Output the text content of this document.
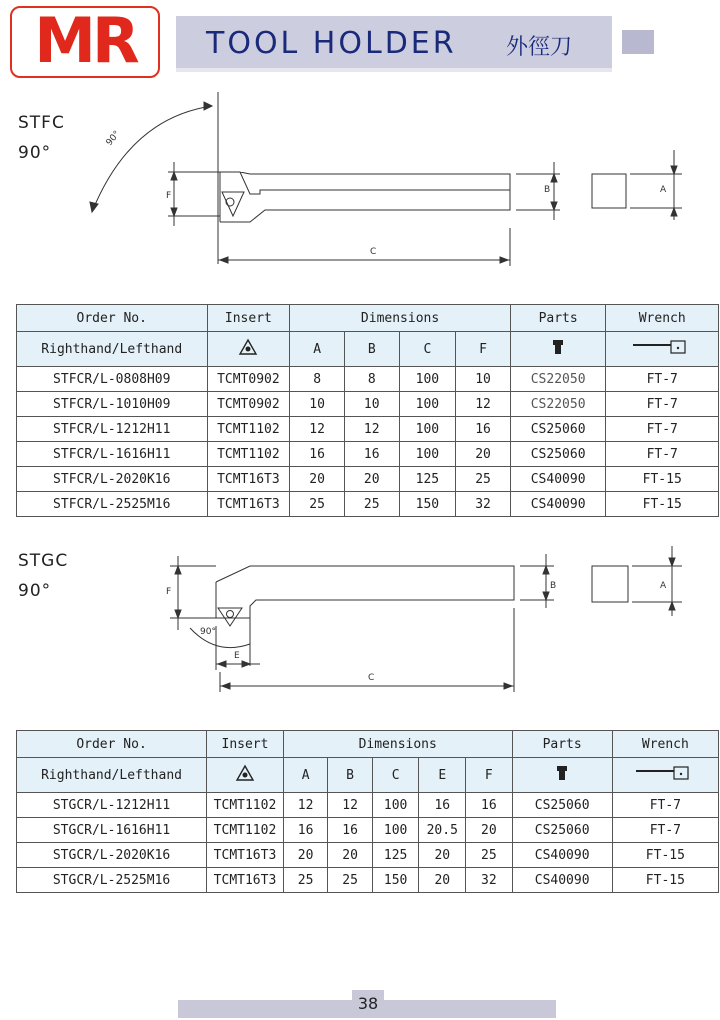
MR	TOOL HOLDER 外徑刀
STFC
90°
90°
F
B	A
C
Order No.	Insert	Dimensions				Parts	Wrench
Righthand/Lefthand		A	B	C	F		
STFCR/L-0808H09	TCMT0902	8	8	100	10	CS22050	FT-7
STFCR/L-1010H09	TCMT0902	10	10	100	12	CS22050	FT-7
STFCR/L-1212H11	TCMT1102	12	12	100	16	CS25060	FT-7
STFCR/L-1616H11	TCMT1102	16	16	100	20	CS25060	FT-7
STFCR/L-2020K16	TCMT16T3	20	20	125	25	CS40090	FT-15
STFCR/L-2525M16	TCMT16T3	25	25	150	32	CS40090	FT-15
STGC
90°	F
90°
E
C
B	A
Order No.	Insert	Dimensions					Parts	Wrench
Righthand/Lefthand		A	B	C	E	F		
STGCR/L-1212H11	TCMT1102	12	12	100	16	16	CS25060	FT-7
STGCR/L-1616H11	TCMT1102	16	16	100	20.5	20	CS25060	FT-7
STGCR/L-2020K16	TCMT16T3	20	20	125	20	25	CS40090	FT-15
STGCR/L-2525M16	TCMT16T3	25	25	150	20	32	CS40090	FT-15
38
